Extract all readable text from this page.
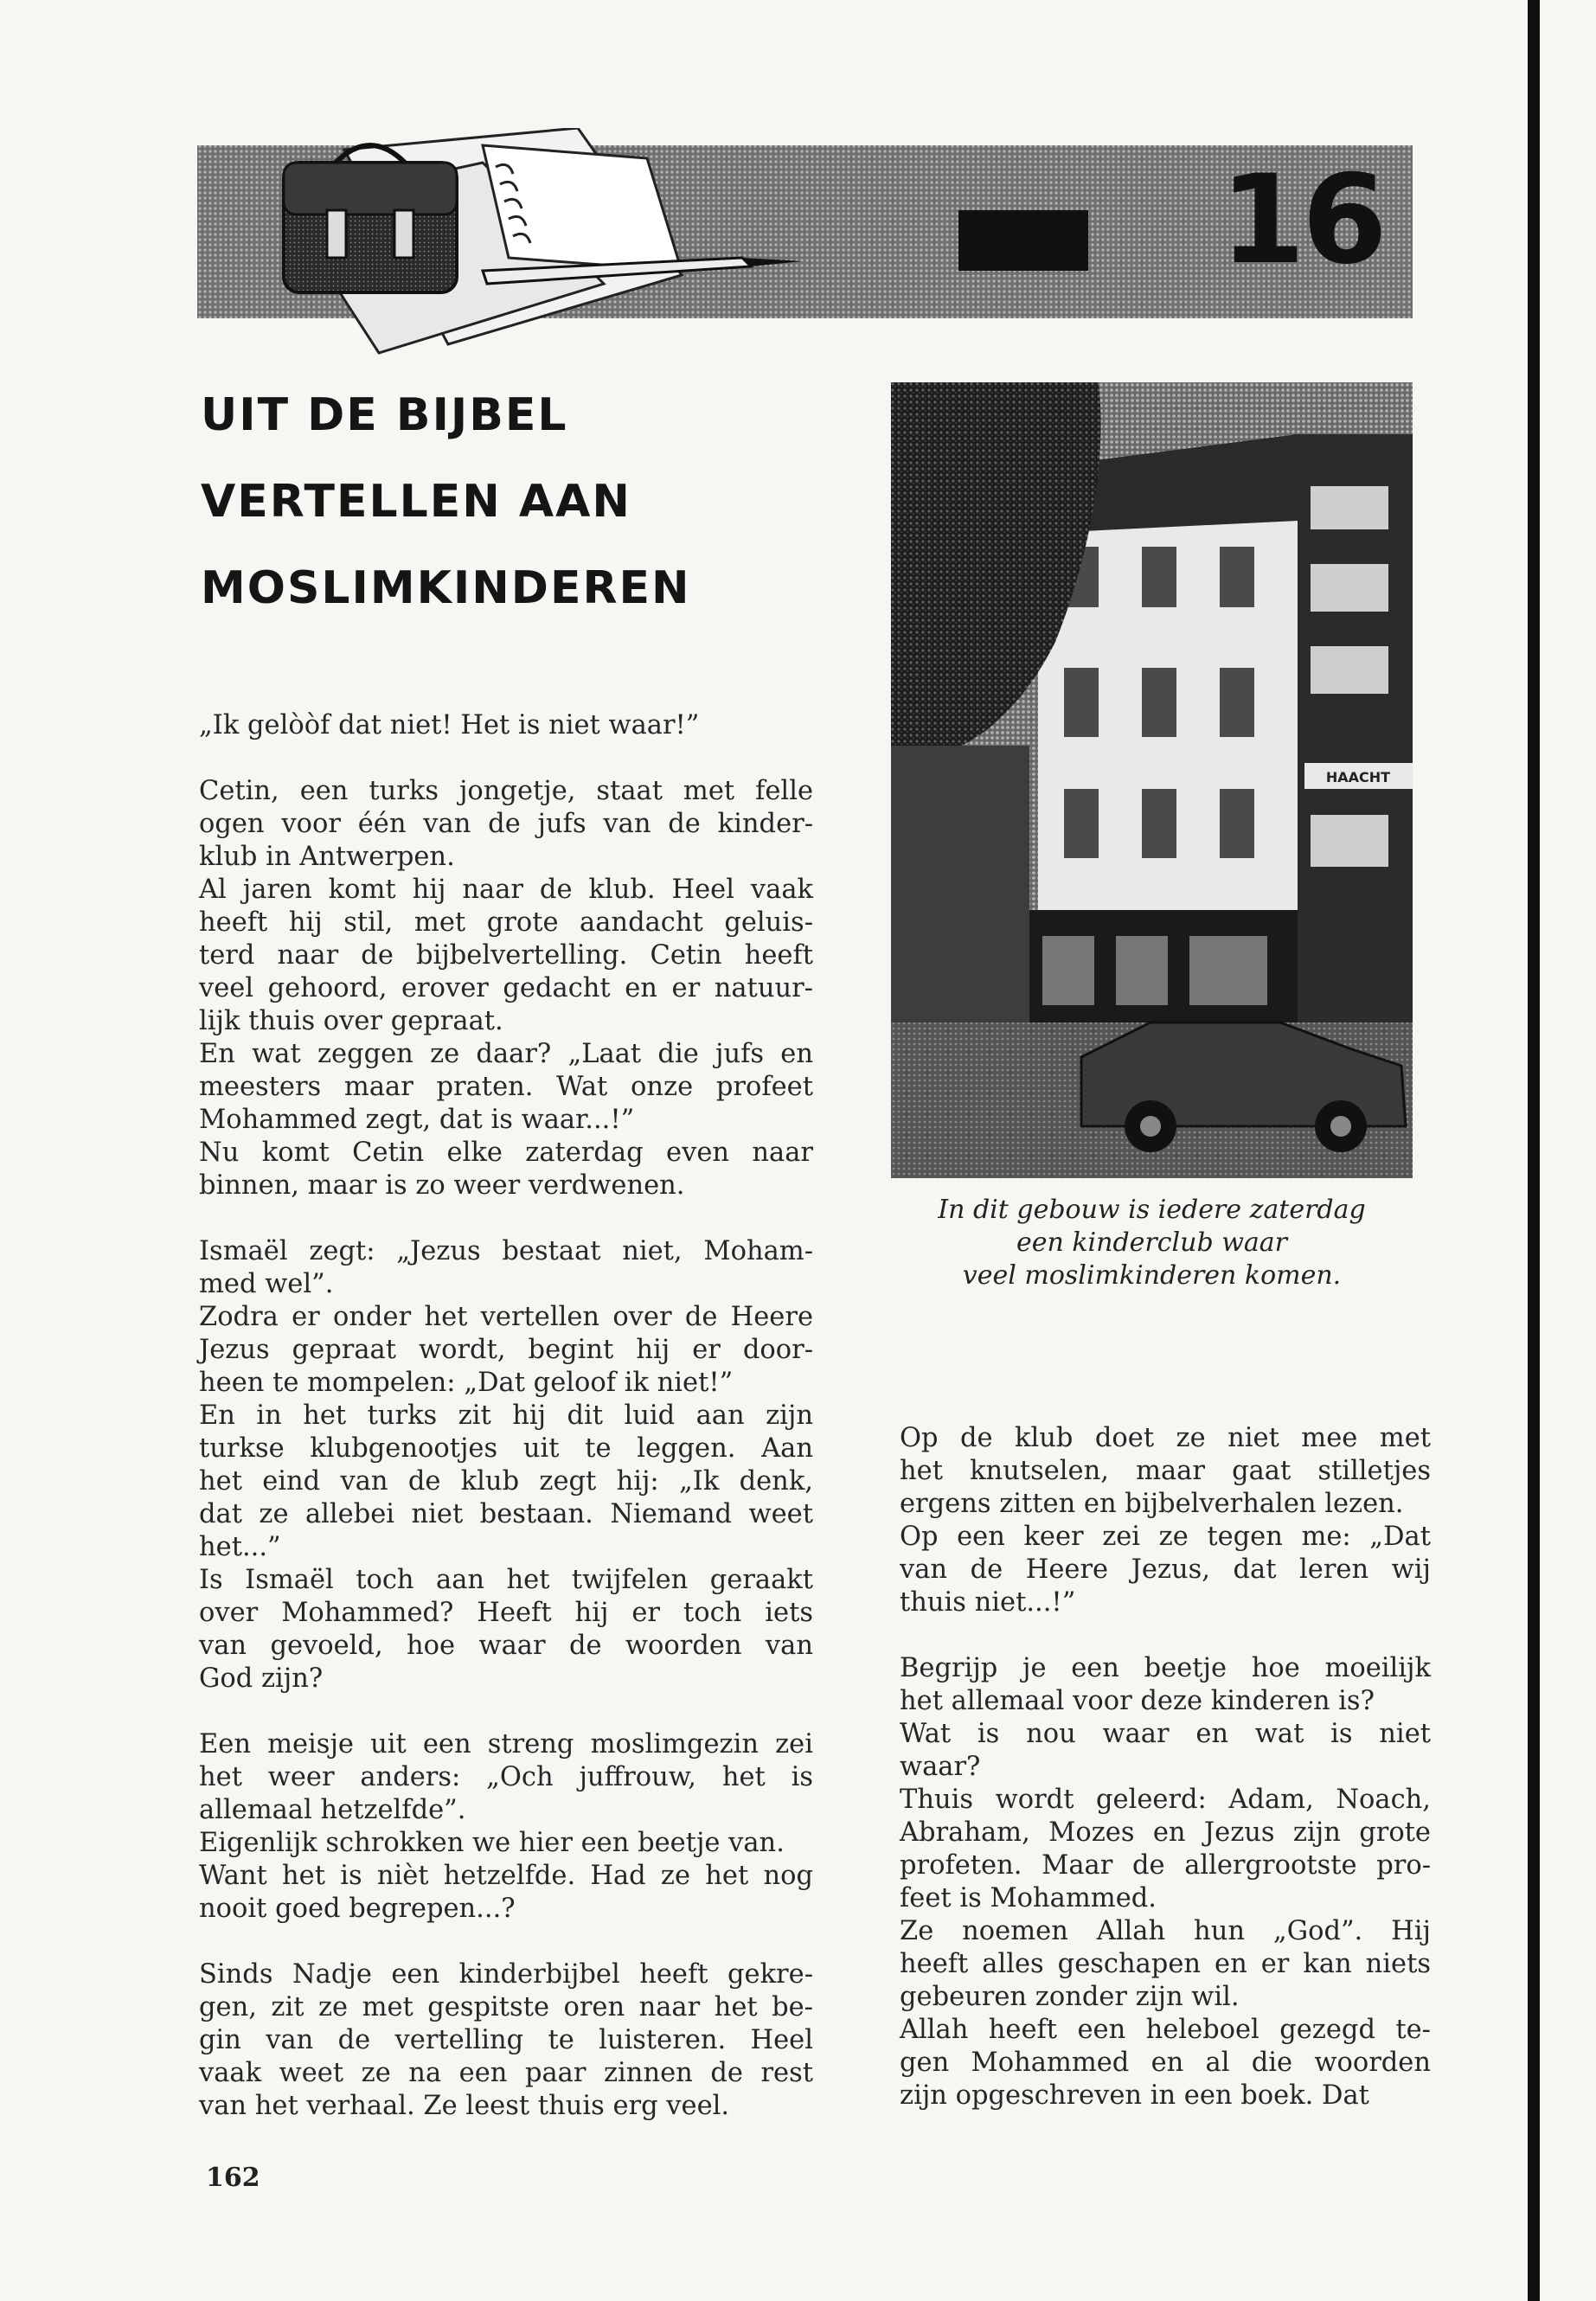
16
UIT DE BIJBEL
VERTELLEN AAN
MOSLIMKINDEREN

„Ik gelòòf dat niet! Het is niet waar!”

Cetin, een turks jongetje, staat met felle
ogen voor één van de jufs van de kinder-
klub in Antwerpen.
Al jaren komt hij naar de klub. Heel vaak
heeft hij stil, met grote aandacht geluis-
terd naar de bijbelvertelling. Cetin heeft
veel gehoord, erover gedacht en er natuur-
lijk thuis over gepraat.
En wat zeggen ze daar? „Laat die jufs en
meesters maar praten. Wat onze profeet
Mohammed zegt, dat is waar...!”
Nu komt Cetin elke zaterdag even naar
binnen, maar is zo weer verdwenen.

Ismaël zegt: „Jezus bestaat niet, Moham-
med wel”.
Zodra er onder het vertellen over de Heere
Jezus gepraat wordt, begint hij er door-
heen te mompelen: „Dat geloof ik niet!”
En in het turks zit hij dit luid aan zijn
turkse klubgenootjes uit te leggen. Aan
het eind van de klub zegt hij: „Ik denk,
dat ze allebei niet bestaan. Niemand weet
het...”
Is Ismaël toch aan het twijfelen geraakt
over Mohammed? Heeft hij er toch iets
van gevoeld, hoe waar de woorden van
God zijn?

Een meisje uit een streng moslimgezin zei
het weer anders: „Och juffrouw, het is
allemaal hetzelfde”.
Eigenlijk schrokken we hier een beetje van.
Want het is nièt hetzelfde. Had ze het nog
nooit goed begrepen...?

Sinds Nadje een kinderbijbel heeft gekre-
gen, zit ze met gespitste oren naar het be-
gin van de vertelling te luisteren. Heel
vaak weet ze na een paar zinnen de rest
van het verhaal. Ze leest thuis erg veel.

HAACHT
In dit gebouw is iedere zaterdag
een kinderclub waar
veel moslimkinderen komen.

Op de klub doet ze niet mee met
het knutselen, maar gaat stilletjes
ergens zitten en bijbelverhalen lezen.
Op een keer zei ze tegen me: „Dat
van de Heere Jezus, dat leren wij
thuis niet...!”

Begrijp je een beetje hoe moeilijk
het allemaal voor deze kinderen is?
Wat is nou waar en wat is niet
waar?
Thuis wordt geleerd: Adam, Noach,
Abraham, Mozes en Jezus zijn grote
profeten. Maar de allergrootste pro-
feet is Mohammed.
Ze noemen Allah hun „God”. Hij
heeft alles geschapen en er kan niets
gebeuren zonder zijn wil.
Allah heeft een heleboel gezegd te-
gen Mohammed en al die woorden
zijn opgeschreven in een boek. Dat

162
